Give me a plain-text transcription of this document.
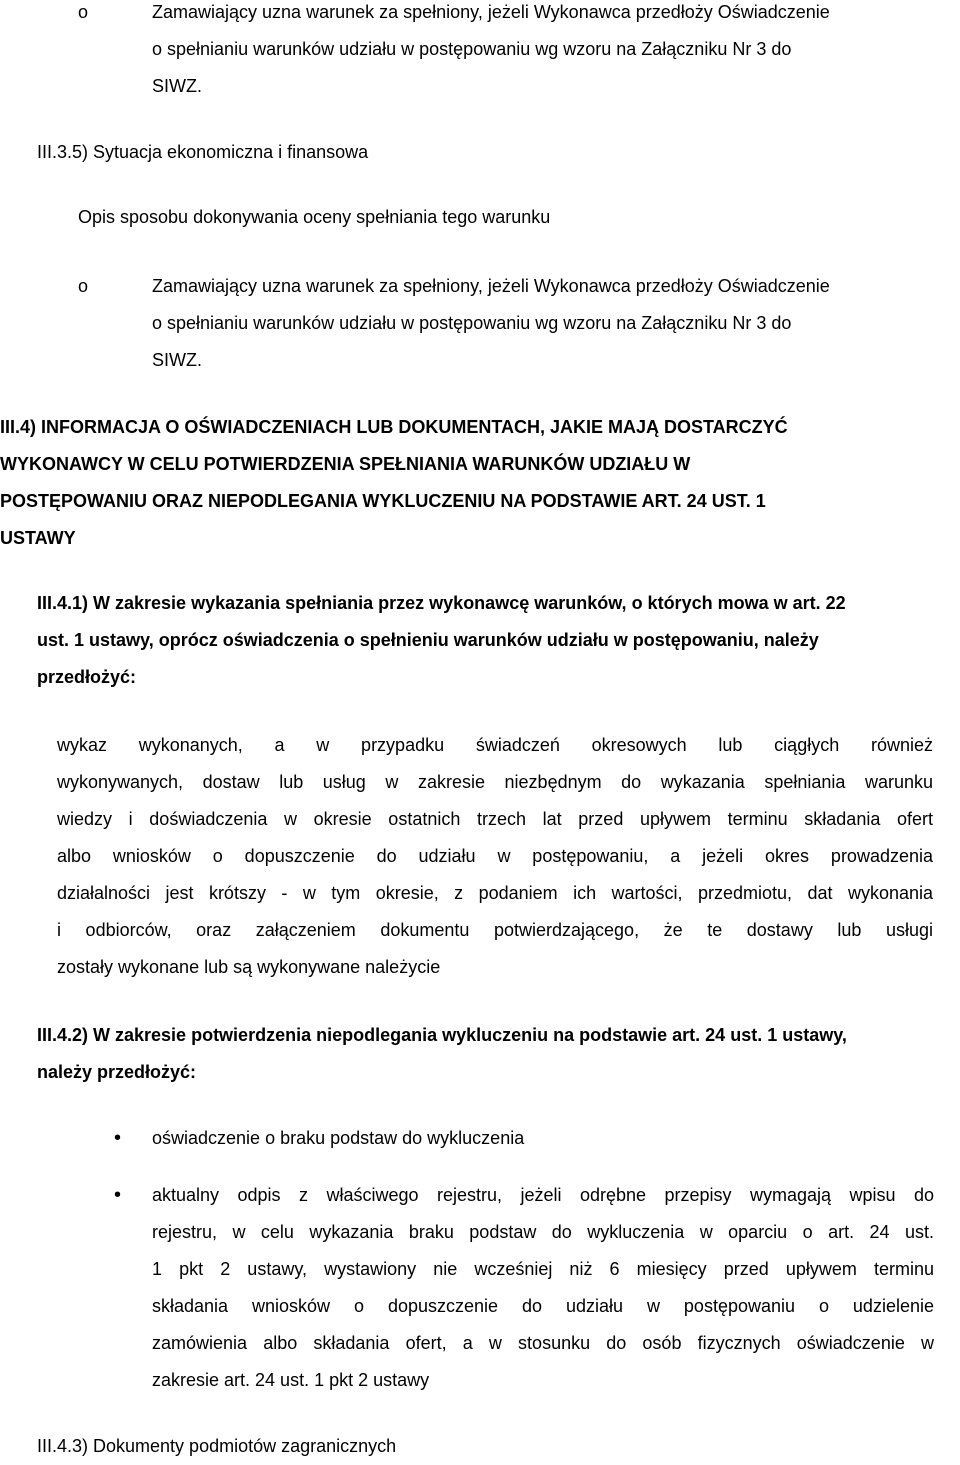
o	Zamawiający uzna warunek za spełniony, jeżeli Wykonawca przedłoży Oświadczenie
o spełnianiu warunków udziału w postępowaniu wg wzoru na Załączniku Nr 3 do
SIWZ.
III.3.5) Sytuacja ekonomiczna i finansowa
Opis sposobu dokonywania oceny spełniania tego warunku
o	Zamawiający uzna warunek za spełniony, jeżeli Wykonawca przedłoży Oświadczenie
o spełnianiu warunków udziału w postępowaniu wg wzoru na Załączniku Nr 3 do
SIWZ.
III.4) INFORMACJA O OŚWIADCZENIACH LUB DOKUMENTACH, JAKIE MAJĄ DOSTARCZYĆ
WYKONAWCY W CELU POTWIERDZENIA SPEŁNIANIA WARUNKÓW UDZIAŁU W
POSTĘPOWANIU ORAZ NIEPODLEGANIA WYKLUCZENIU NA PODSTAWIE ART. 24 UST. 1
USTAWY
III.4.1) W zakresie wykazania spełniania przez wykonawcę warunków, o których mowa w art. 22
ust. 1 ustawy, oprócz oświadczenia o spełnieniu warunków udziału w postępowaniu, należy
przedłożyć:
wykaz wykonanych, a w przypadku świadczeń okresowych lub ciągłych również
wykonywanych, dostaw lub usług w zakresie niezbędnym do wykazania spełniania warunku
wiedzy i doświadczenia w okresie ostatnich trzech lat przed upływem terminu składania ofert
albo wniosków o dopuszczenie do udziału w postępowaniu, a jeżeli okres prowadzenia
działalności jest krótszy - w tym okresie, z podaniem ich wartości, przedmiotu, dat wykonania
i odbiorców, oraz załączeniem dokumentu potwierdzającego, że te dostawy lub usługi
zostały wykonane lub są wykonywane należycie
III.4.2) W zakresie potwierdzenia niepodlegania wykluczeniu na podstawie art. 24 ust. 1 ustawy,
należy przedłożyć:
• oświadczenie o braku podstaw do wykluczenia
• aktualny odpis z właściwego rejestru, jeżeli odrębne przepisy wymagają wpisu do
rejestru, w celu wykazania braku podstaw do wykluczenia w oparciu o art. 24 ust.
1 pkt 2 ustawy, wystawiony nie wcześniej niż 6 miesięcy przed upływem terminu
składania wniosków o dopuszczenie do udziału w postępowaniu o udzielenie
zamówienia albo składania ofert, a w stosunku do osób fizycznych oświadczenie w
zakresie art. 24 ust. 1 pkt 2 ustawy
III.4.3) Dokumenty podmiotów zagranicznych
